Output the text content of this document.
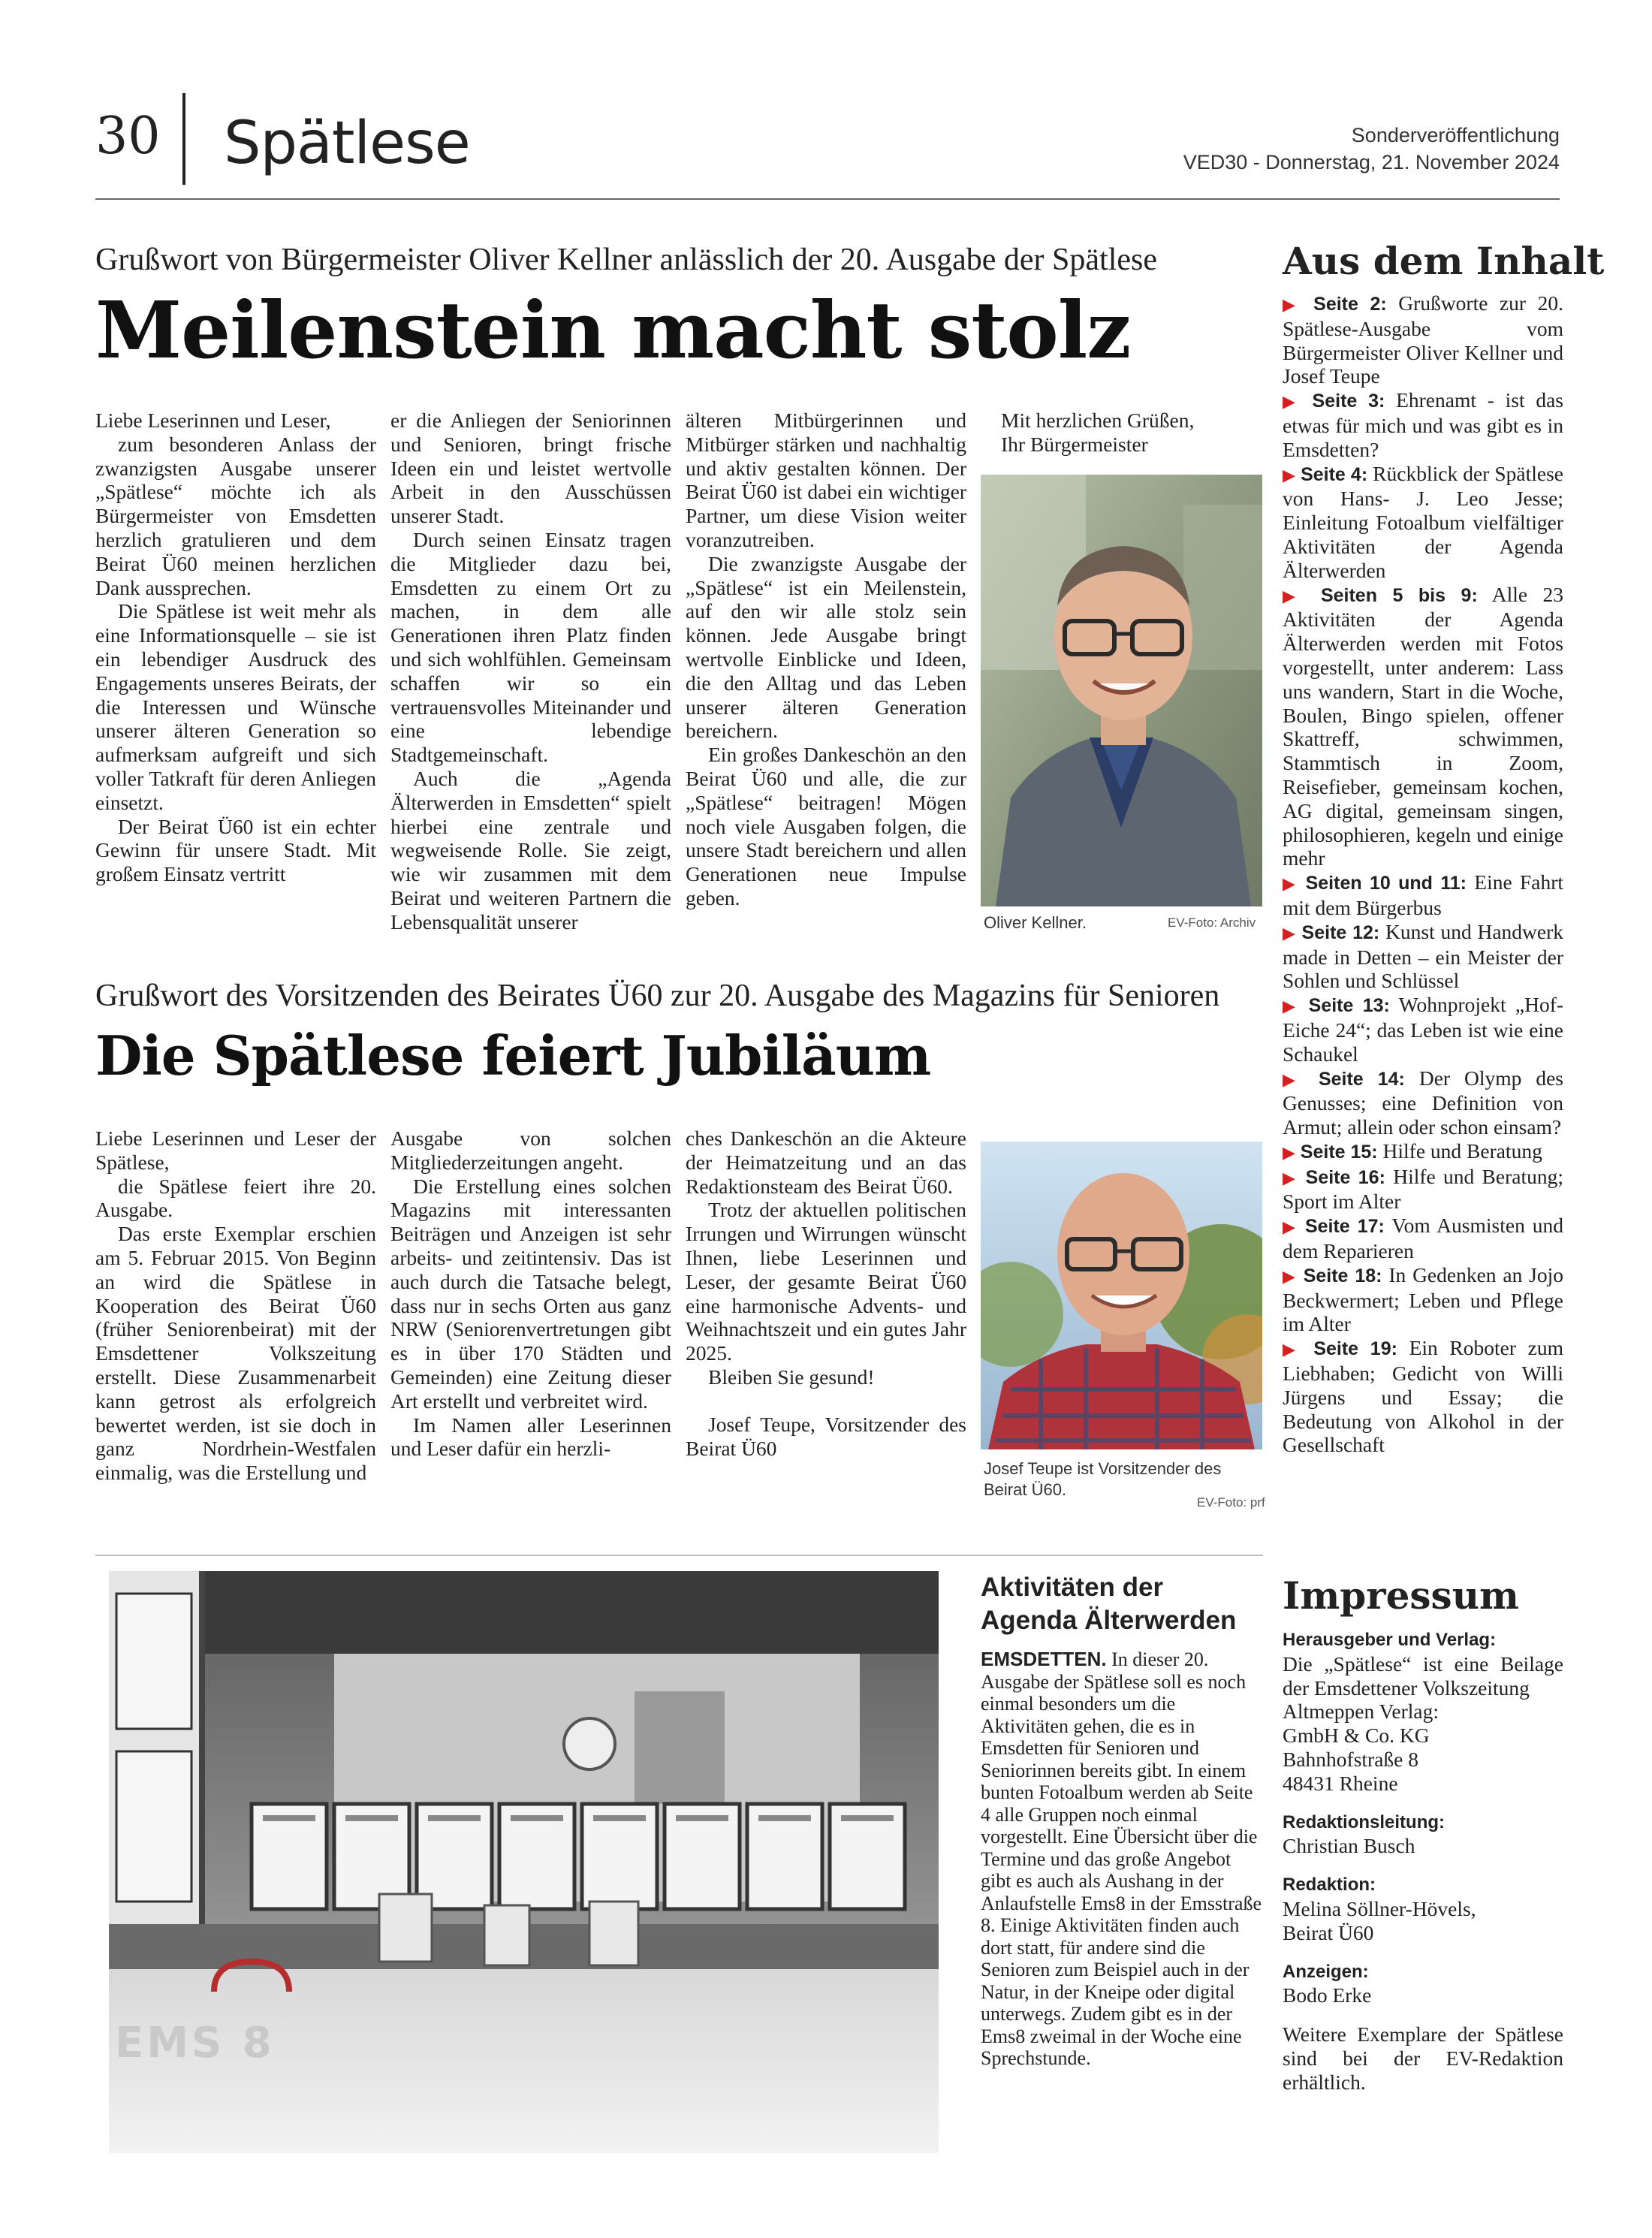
30 Spätlese	Sonderveröffentlichung
VED30 - Donnerstag, 21. November 2024
Grußwort von Bürgermeister Oliver Kellner anlässlich der 20. Ausgabe der Spätlese
Meilenstein macht stolz

Liebe Leserinnen und Leser,

zum besonderen Anlass der zwanzigsten Ausgabe unserer „Spätlese“ möchte ich als Bürgermeister von Emsdetten herzlich gratulieren und dem Beirat Ü60 meinen herzlichen Dank aussprechen.

Die Spätlese ist weit mehr als eine Informationsquelle – sie ist ein lebendiger Ausdruck des Engagements unseres Beirats, der die Interessen und Wünsche unserer älteren Generation so aufmerksam aufgreift und sich voller Tatkraft für deren Anliegen einsetzt.

Der Beirat Ü60 ist ein echter Gewinn für unsere Stadt. Mit großem Einsatz vertritt

er die Anliegen der Seniorinnen und Senioren, bringt frische Ideen ein und leistet wertvolle Arbeit in den Ausschüssen unserer Stadt.

Durch seinen Einsatz tragen die Mitglieder dazu bei, Emsdetten zu einem Ort zu machen, in dem alle Generationen ihren Platz finden und sich wohlfühlen. Gemeinsam schaffen wir so ein vertrauensvolles Miteinander und eine lebendige Stadtgemeinschaft.

Auch die „Agenda Älterwerden in Emsdetten“ spielt hierbei eine zentrale und wegweisende Rolle. Sie zeigt, wie wir zusammen mit dem Beirat und weiteren Partnern die Lebensqualität unserer

älteren Mitbürgerinnen und Mitbürger stärken und nachhaltig und aktiv gestalten können. Der Beirat Ü60 ist dabei ein wichtiger Partner, um diese Vision weiter voranzutreiben.

Die zwanzigste Ausgabe der „Spätlese“ ist ein Meilenstein, auf den wir alle stolz sein können. Jede Ausgabe bringt wertvolle Einblicke und Ideen, die den Alltag und das Leben unserer älteren Generation bereichern.

Ein großes Dankeschön an den Beirat Ü60 und alle, die zur „Spätlese“ beitragen! Mögen noch viele Ausgaben folgen, die unsere Stadt bereichern und allen Generationen neue Impulse geben.

Mit herzlichen Grüßen,

Ihr Bürgermeister

Oliver Kellner.	EV-Foto: Archiv
Grußwort des Vorsitzenden des Beirates Ü60 zur 20. Ausgabe des Magazins für Senioren
Die Spätlese feiert Jubiläum

Liebe Leserinnen und Leser der Spätlese,

die Spätlese feiert ihre 20. Ausgabe.

Das erste Exemplar erschien am 5. Februar 2015. Von Beginn an wird die Spätlese in Kooperation des Beirat Ü60 (früher Seniorenbeirat) mit der Emsdettener Volkszeitung erstellt. Diese Zusammenarbeit kann getrost als erfolgreich bewertet werden, ist sie doch in ganz Nordrhein-Westfalen einmalig, was die Erstellung und

Ausgabe von solchen Mitgliederzeitungen angeht.

Die Erstellung eines solchen Magazins mit interessanten Beiträgen und Anzeigen ist sehr arbeits- und zeitintensiv. Das ist auch durch die Tatsache belegt, dass nur in sechs Orten aus ganz NRW (Seniorenvertretungen gibt es in über 170 Städten und Gemeinden) eine Zeitung dieser Art erstellt und verbreitet wird.

Im Namen aller Leserinnen und Leser dafür ein herzli-

ches Dankeschön an die Akteure der Heimatzeitung und an das Redaktionsteam des Beirat Ü60.

Trotz der aktuellen politischen Irrungen und Wirrungen wünscht Ihnen, liebe Leserinnen und Leser, der gesamte Beirat Ü60 eine harmonische Advents- und Weihnachtszeit und ein gutes Jahr 2025.

Bleiben Sie gesund!

Josef Teupe, Vorsitzender des Beirat Ü60

Josef Teupe ist Vorsitzender des Beirat Ü60.
EV-Foto: prf
Aus dem Inhalt

▶ Seite 2: Grußworte zur 20. Spätlese-Ausgabe vom Bürgermeister Oliver Kellner und Josef Teupe

▶ Seite 3: Ehrenamt - ist das etwas für mich und was gibt es in Emsdetten?

▶ Seite 4: Rückblick der Spätlese von Hans- J. Leo Jesse; Einleitung Fotoalbum vielfältiger Aktivitäten der Agenda Älterwerden

▶ Seiten 5 bis 9: Alle 23 Aktivitäten der Agenda Älterwerden werden mit Fotos vorgestellt, unter anderem: Lass uns wandern, Start in die Woche, Boulen, Bingo spielen, offener Skattreff, schwimmen, Stammtisch in Zoom, Reisefieber, gemeinsam kochen, AG digital, gemeinsam singen, philosophieren, kegeln und einige mehr

▶ Seiten 10 und 11: Eine Fahrt mit dem Bürgerbus

▶ Seite 12: Kunst und Handwerk made in Detten – ein Meister der Sohlen und Schlüssel

▶ Seite 13: Wohnprojekt „Hof-Eiche 24“; das Leben ist wie eine Schaukel

▶ Seite 14: Der Olymp des Genusses; eine Definition von Armut; allein oder schon einsam?

▶ Seite 15: Hilfe und Beratung

▶ Seite 16: Hilfe und Beratung; Sport im Alter

▶ Seite 17: Vom Ausmisten und dem Reparieren

▶ Seite 18: In Gedenken an Jojo Beckwermert; Leben und Pflege im Alter

▶ Seite 19: Ein Roboter zum Liebhaben; Gedicht von Willi Jürgens und Essay; die Bedeutung von Alkohol in der Gesellschaft

Impressum
Herausgeber und Verlag:
Die „Spätlese“ ist eine Beilage der Emsdettener Volkszeitung
Altmeppen Verlag:
GmbH & Co. KG
Bahnhofstraße 8
48431 Rheine
Redaktionsleitung:
Christian Busch
Redaktion:
Melina Söllner-Hövels,
Beirat Ü60
Anzeigen:
Bodo Erke
Weitere Exemplare der Spätlese sind bei der EV-Redaktion erhältlich.
EMS 8
Aktivitäten der
Agenda Älterwerden
EMSDETTEN. In dieser 20. Ausgabe der Spätlese soll es noch einmal besonders um die Aktivitäten gehen, die es in Emsdetten für Senioren und Seniorinnen bereits gibt. In einem bunten Fotoalbum werden ab Seite 4 alle Gruppen noch einmal vorgestellt. Eine Übersicht über die Termine und das große Angebot gibt es auch als Aushang in der Anlaufstelle Ems8 in der Emsstraße 8. Einige Aktivitäten finden auch dort statt, für andere sind die Senioren zum Beispiel auch in der Natur, in der Kneipe oder digital unterwegs. Zudem gibt es in der Ems8 zweimal in der Woche eine Sprechstunde.
